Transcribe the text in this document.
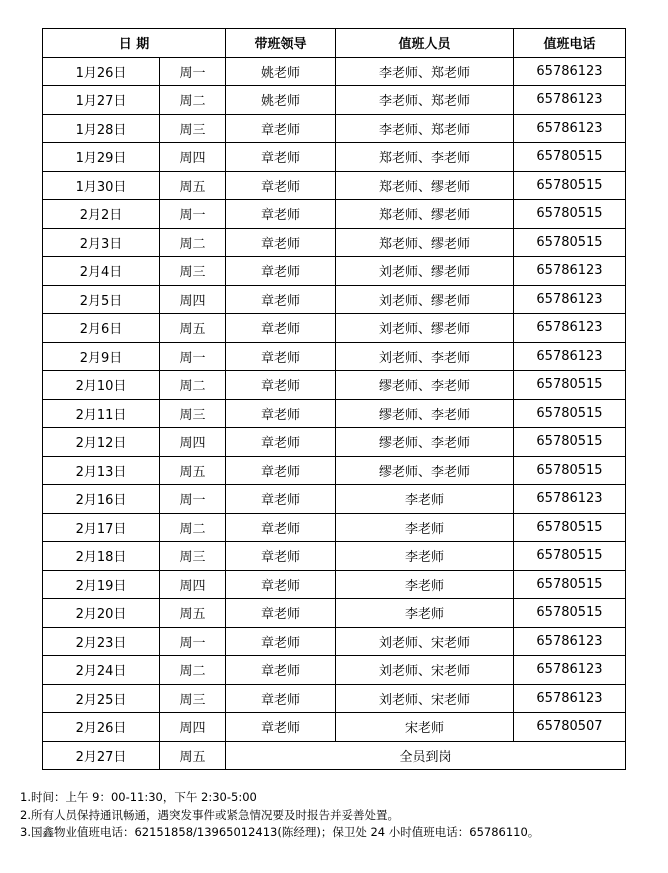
日 期		带班领导	值班人员	值班电话
1月26日	周一	姚老师	李老师、郑老师	65786123
1月27日	周二	姚老师	李老师、郑老师	65786123
1月28日	周三	章老师	李老师、郑老师	65786123
1月29日	周四	章老师	郑老师、李老师	65780515
1月30日	周五	章老师	郑老师、缪老师	65780515
2月2日	周一	章老师	郑老师、缪老师	65780515
2月3日	周二	章老师	郑老师、缪老师	65780515
2月4日	周三	章老师	刘老师、缪老师	65786123
2月5日	周四	章老师	刘老师、缪老师	65786123
2月6日	周五	章老师	刘老师、缪老师	65786123
2月9日	周一	章老师	刘老师、李老师	65786123
2月10日	周二	章老师	缪老师、李老师	65780515
2月11日	周三	章老师	缪老师、李老师	65780515
2月12日	周四	章老师	缪老师、李老师	65780515
2月13日	周五	章老师	缪老师、李老师	65780515
2月16日	周一	章老师	李老师	65786123
2月17日	周二	章老师	李老师	65780515
2月18日	周三	章老师	李老师	65780515
2月19日	周四	章老师	李老师	65780515
2月20日	周五	章老师	李老师	65780515
2月23日	周一	章老师	刘老师、宋老师	65786123
2月24日	周二	章老师	刘老师、宋老师	65786123
2月25日	周三	章老师	刘老师、宋老师	65786123
2月26日	周四	章老师	宋老师	65780507
2月27日	周五	全员到岗		
1.时间：上午 9：00-11:30，下午 2:30-5:00
2.所有人员保持通讯畅通，遇突发事件或紧急情况要及时报告并妥善处置。
3.国鑫物业值班电话：62151858/13965012413(陈经理)；保卫处 24 小时值班电话：65786110。
